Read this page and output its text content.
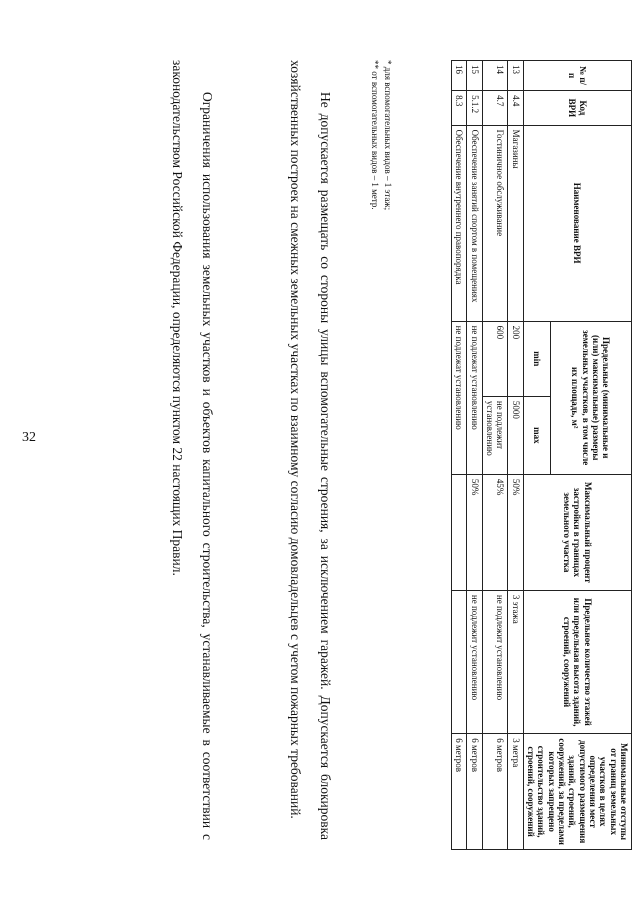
32
№ п/п	Код ВРИ	Наименование ВРИ	Предельные (минимальные и (или) максимальные) размеры земельных участков, в том числе их площадь, м²		Максимальный процент застройки в границах земельного участка	Предельное количество этажей или предельная высота зданий, строений, сооружений	Минимальные отступы от границ земельных участков в целях определения мест допустимого размещения зданий, строений, сооружений, за пределами которых запрещено строительство зданий, строений, сооружений
			min	max			
13	4.4	Магазины	200	5000	50%	3 этажа	3 метра
14	4.7	Гостиничное обслуживание	600	не подлежит установлению	45%	не подлежит установлению	6 метров
15	5.1.2	Обеспечение занятий спортом в помещениях	не подлежат установлению		50%	не подлежит установлению	6 метров
16	8.3	Обеспечение внутреннего правопорядка	не подлежат установлению				6 метров
* для вспомогательных видов – 1 этаж;
** от вспомогательных видов – 1 метр.
Не допускается размещать со стороны улицы вспомогательные строения, за исключением гаражей. Допускается блокировка хозяйственных построек на смежных земельных участках по взаимному согласию домовладельцев с учетом пожарных требований.
Ограничения использования земельных участков и объектов капитального строительства, устанавливаемые в соответствии с законодательством Российской Федерации, определяются пунктом 22 настоящих Правил.
